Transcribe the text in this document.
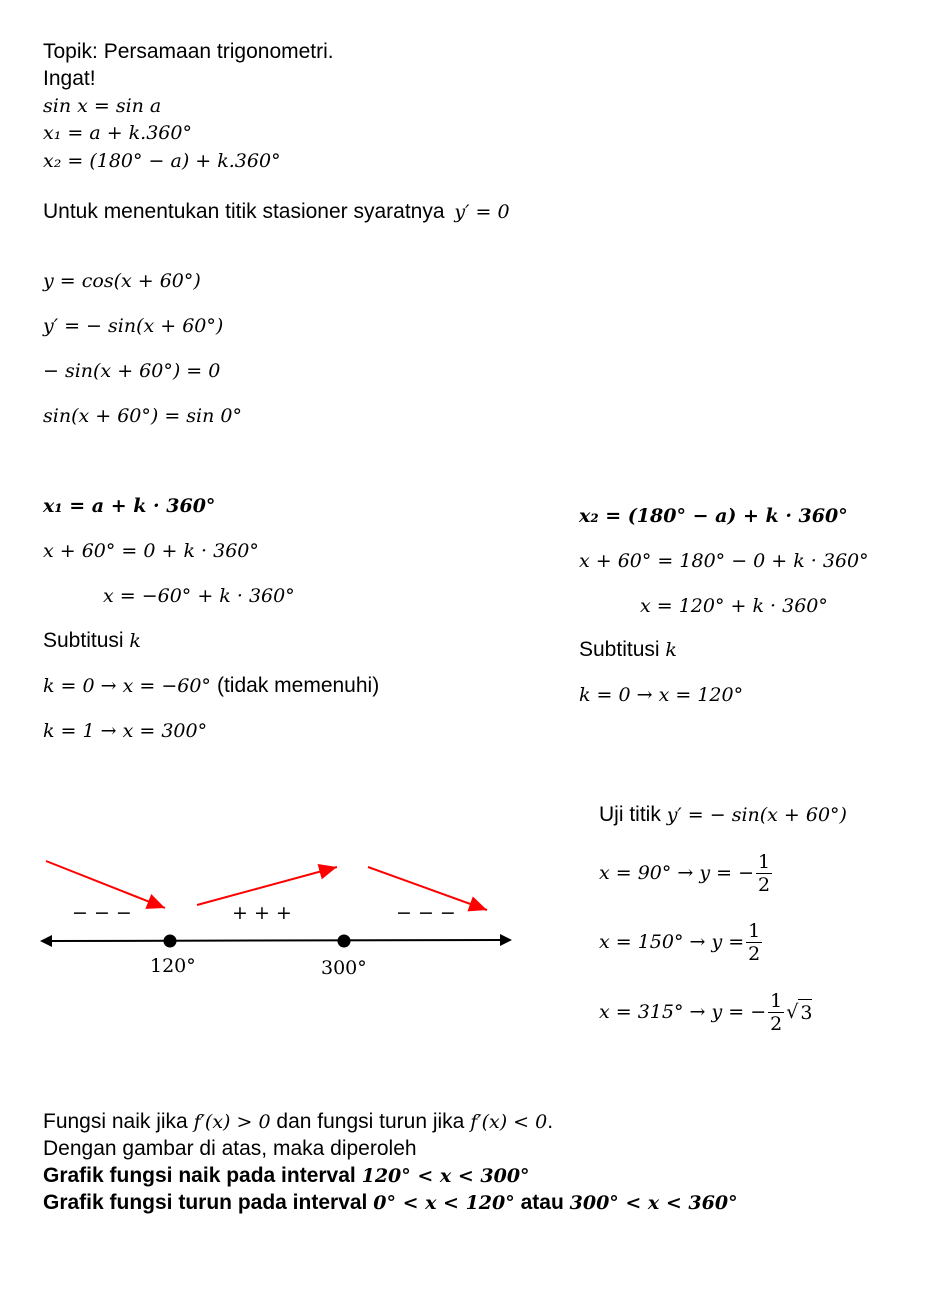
Topik: Persamaan trigonometri.
Ingat!
sin x = sin a
x₁ = a + k.360°
x₂ = (180° − a) + k.360°
Untuk menentukan titik stasioner syaratnya y′ = 0
y = cos(x + 60°)
y′ = − sin(x + 60°)
− sin(x + 60°) = 0
sin(x + 60°) = sin 0°
x₁ = a + k · 360°
x + 60° = 0 + k · 360°
x = −60° + k · 360°
Subtitusi k
k = 0 → x = −60° (tidak memenuhi)
k = 1 → x = 300°
x₂ = (180° − a) + k · 360°
x + 60° = 180° − 0 + k · 360°
x = 120° + k · 360°
Subtitusi k
k = 0 → x = 120°
− − −	+ + +	− − −
120°	300°
Uji titik y′ = − sin(x + 60°)
x = 90° → y = − $\frac{1}{2}$
$x = 150^\circ \to y = \frac{1}{2}$
x = 315° → y = − $\frac{1}{2}$ √ 3
Fungsi naik jika f′(x) > 0 dan fungsi turun jika f′(x) < 0.
Dengan gambar di atas, maka diperoleh
Grafik fungsi naik pada interval 120° < x < 300°
Grafik fungsi turun pada interval 0° < x < 120° atau 300° < x < 360°
